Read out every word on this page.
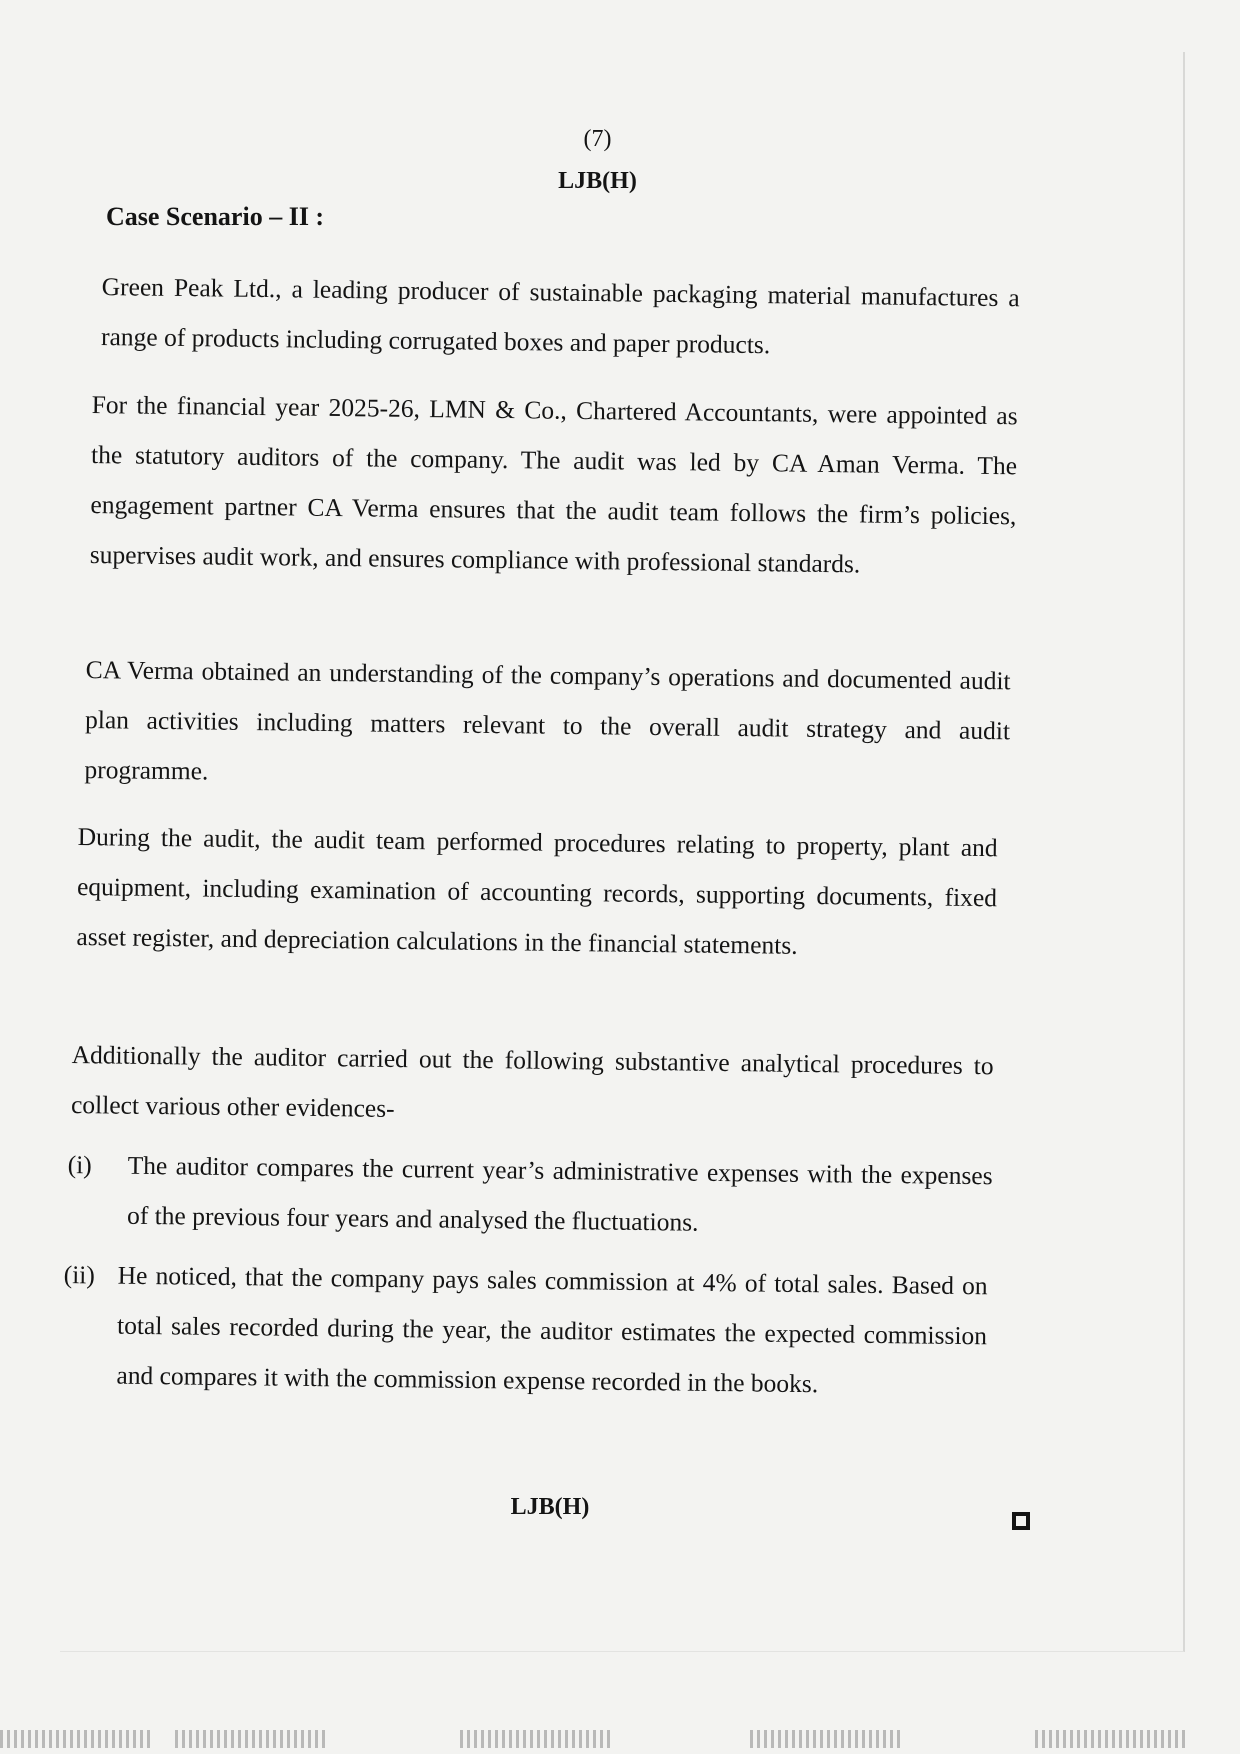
(7)
LJB(H)
Case Scenario – II :

Green Peak Ltd., a leading producer of sustainable packaging material manufactures a range of products including corrugated boxes and paper products.

For the financial year 2025-26, LMN & Co., Chartered Accountants, were appointed as the statutory auditors of the company. The audit was led by CA Aman Verma. The engagement partner CA Verma ensures that the audit team follows the firm’s policies, supervises audit work, and ensures compliance with professional standards.

CA Verma obtained an understanding of the company’s operations and documented audit plan activities including matters relevant to the overall audit strategy and audit programme.

During the audit, the audit team performed procedures relating to property, plant and equipment, including examination of accounting records, supporting documents, fixed asset register, and depreciation calculations in the financial statements.

Additionally the auditor carried out the following substantive analytical procedures to collect various other evidences-

(i) The auditor compares the current year’s administrative expenses with the expenses of the previous four years and analysed the fluctuations.
(ii) He noticed, that the company pays sales commission at 4% of total sales. Based on total sales recorded during the year, the auditor estimates the expected commission and compares it with the commission expense recorded in the books.
LJB(H)
